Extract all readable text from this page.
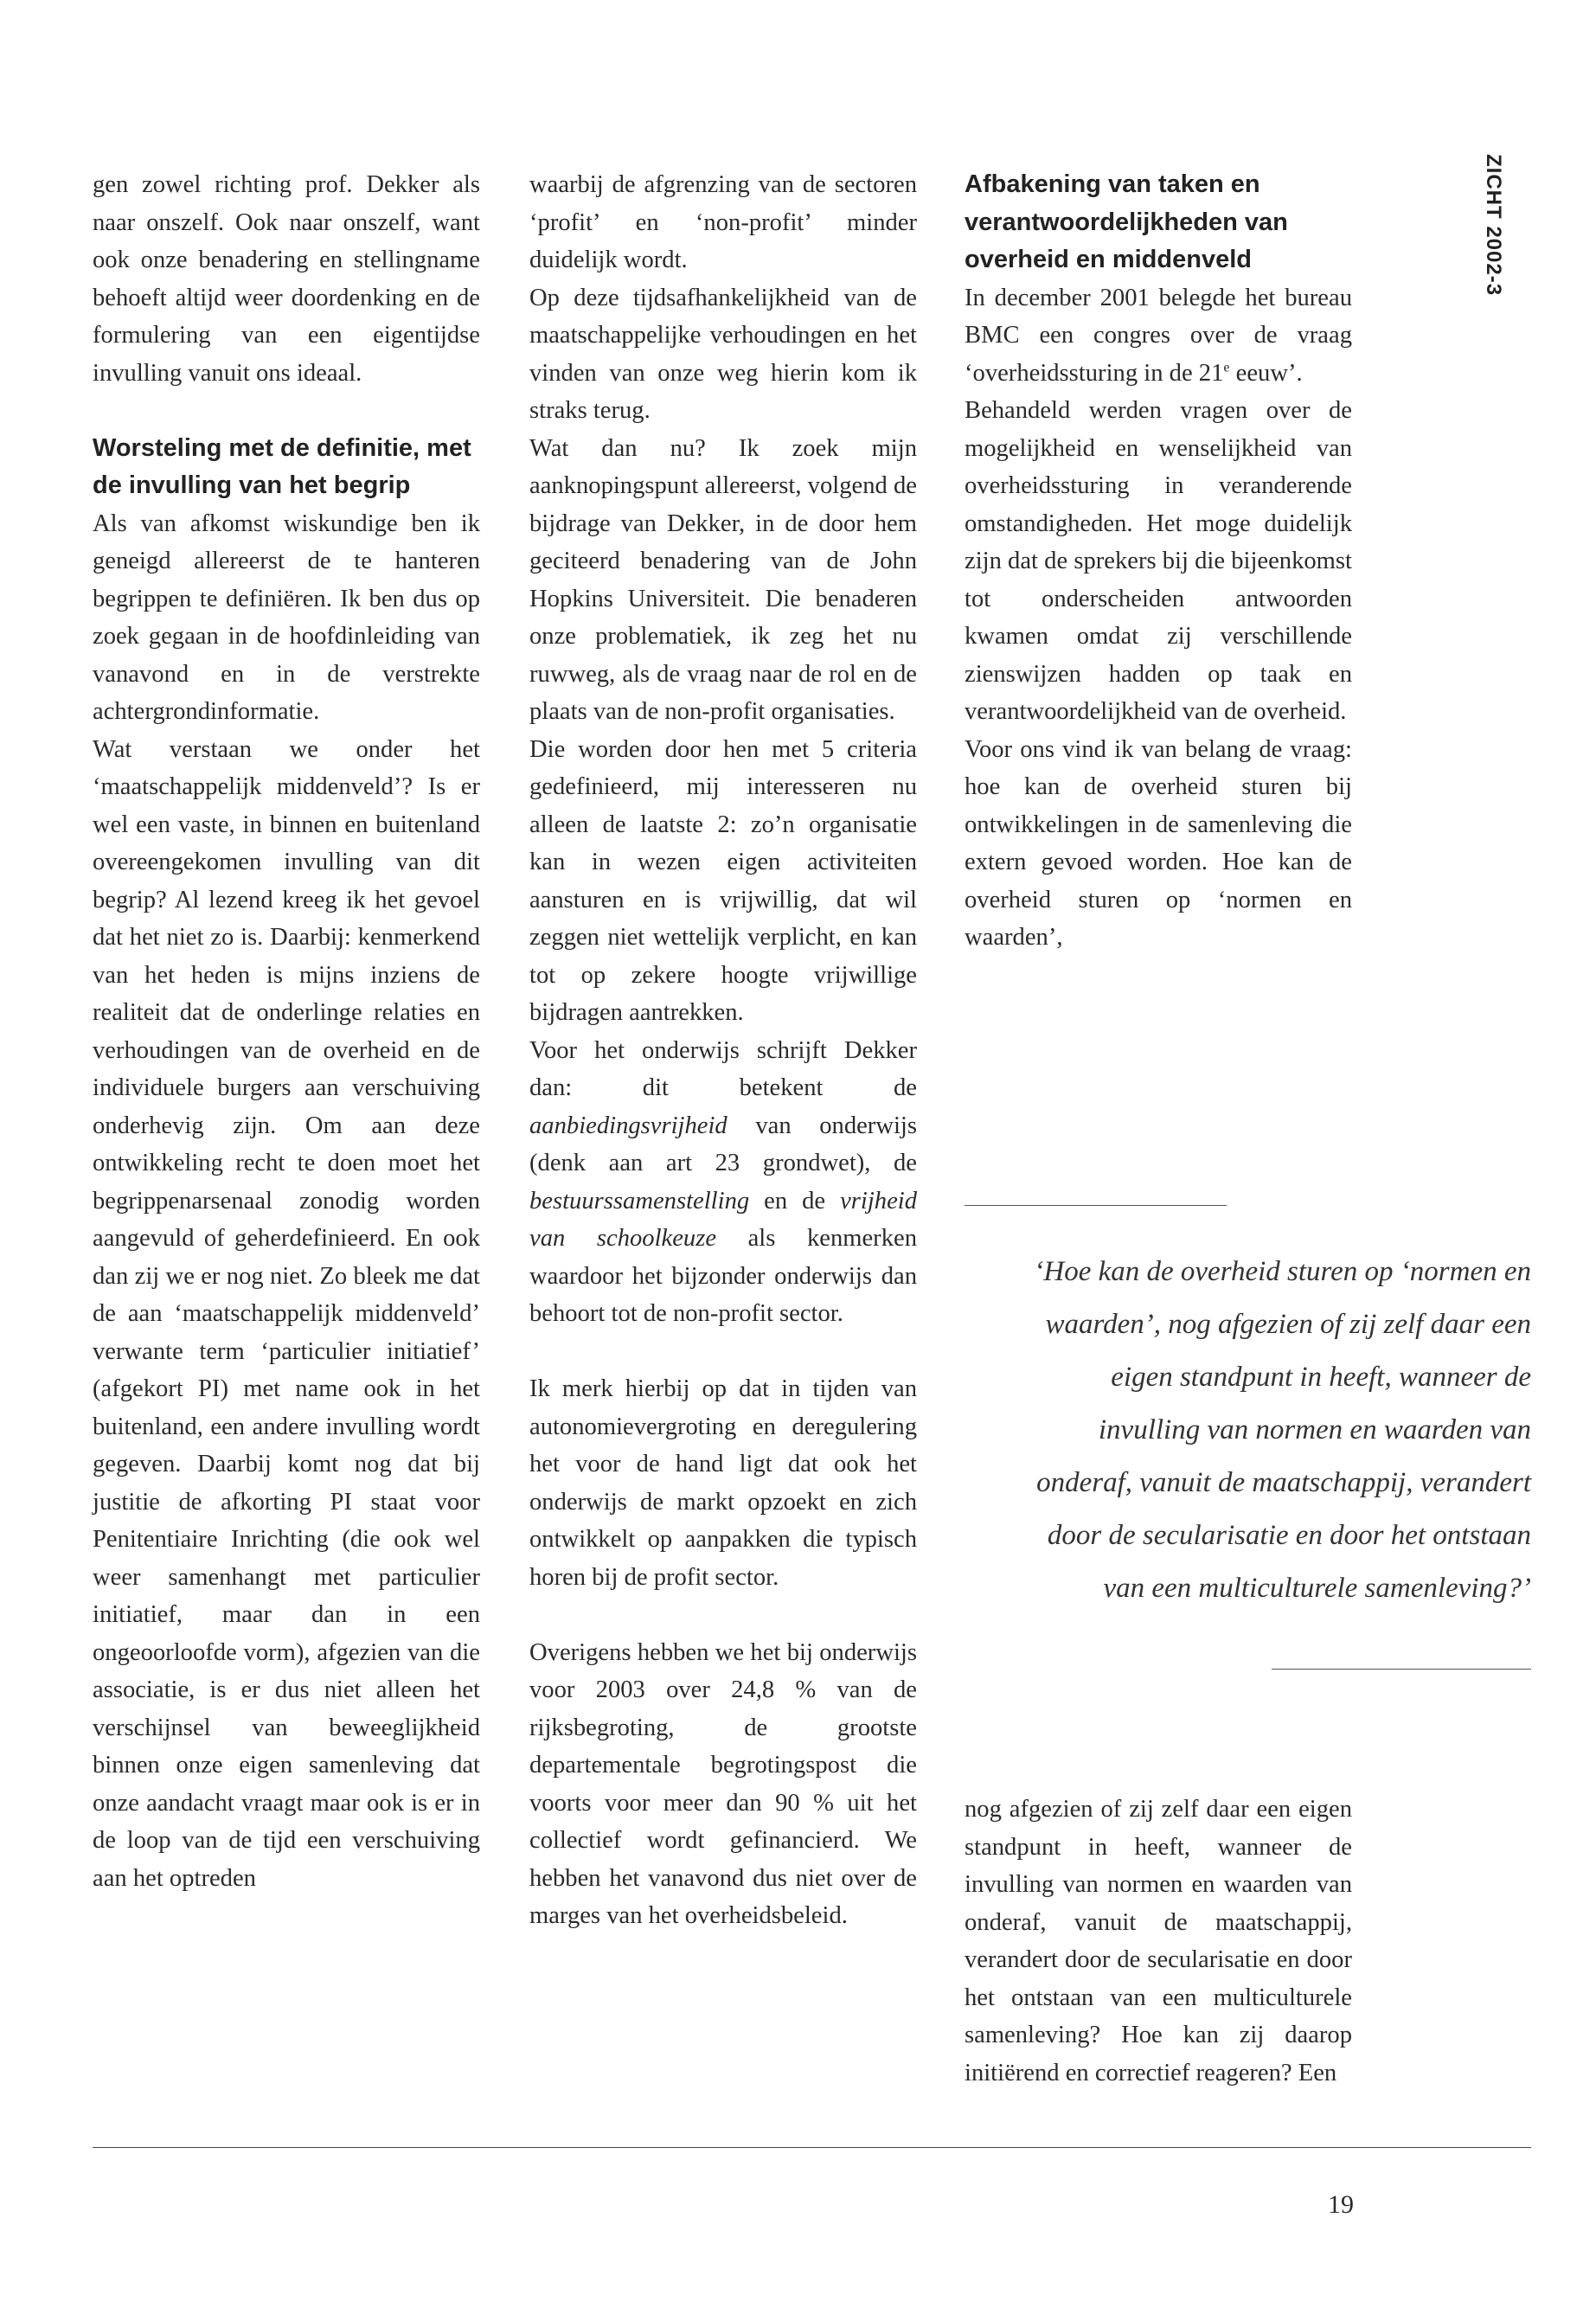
ZICHT 2002-3

gen zowel richting prof. Dekker als naar onszelf. Ook naar onszelf, want ook onze benadering en stellingname behoeft altijd weer doordenking en de formulering van een eigentijdse invulling vanuit ons ideaal.

Worsteling met de definitie, met de invulling van het begrip

Als van afkomst wiskundige ben ik geneigd allereerst de te hanteren begrippen te definiëren. Ik ben dus op zoek gegaan in de hoofdinleiding van vanavond en in de verstrekte achtergrondinformatie.

Wat verstaan we onder het ‘maatschappelijk middenveld’? Is er wel een vaste, in binnen en buitenland overeengekomen invulling van dit begrip? Al lezend kreeg ik het gevoel dat het niet zo is. Daarbij: kenmerkend van het heden is mijns inziens de realiteit dat de onderlinge relaties en verhoudingen van de overheid en de individuele burgers aan verschuiving onderhevig zijn. Om aan deze ontwikkeling recht te doen moet het begrippenarsenaal zonodig worden aangevuld of geherdefinieerd. En ook dan zij we er nog niet. Zo bleek me dat de aan ‘maatschappelijk middenveld’ verwante term ‘particulier initiatief’ (afgekort PI) met name ook in het buitenland, een andere invulling wordt gegeven. Daarbij komt nog dat bij justitie de afkorting PI staat voor Penitentiaire Inrichting (die ook wel weer samenhangt met particulier initiatief, maar dan in een ongeoorloofde vorm), afgezien van die associatie, is er dus niet alleen het verschijnsel van beweeglijkheid binnen onze eigen samenleving dat onze aandacht vraagt maar ook is er in de loop van de tijd een verschuiving aan het optreden

waarbij de afgrenzing van de sectoren ‘profit’ en ‘non-profit’ minder duidelijk wordt.

Op deze tijdsafhankelijkheid van de maatschappelijke verhoudingen en het vinden van onze weg hierin kom ik straks terug.

Wat dan nu? Ik zoek mijn aanknopingspunt allereerst, volgend de bijdrage van Dekker, in de door hem geciteerd benadering van de John Hopkins Universiteit. Die benaderen onze problematiek, ik zeg het nu ruwweg, als de vraag naar de rol en de plaats van de non-profit organisaties.

Die worden door hen met 5 criteria gedefinieerd, mij interesseren nu alleen de laatste 2: zo’n organisatie kan in wezen eigen activiteiten aansturen en is vrijwillig, dat wil zeggen niet wettelijk verplicht, en kan tot op zekere hoogte vrijwillige bijdragen aantrekken.

Voor het onderwijs schrijft Dekker dan: dit betekent de aanbiedingsvrijheid van onderwijs (denk aan art 23 grondwet), de bestuurssamenstelling en de vrijheid van schoolkeuze als kenmerken waardoor het bijzonder onderwijs dan behoort tot de non-profit sector.

Ik merk hierbij op dat in tijden van autonomievergroting en deregulering het voor de hand ligt dat ook het onderwijs de markt opzoekt en zich ontwikkelt op aanpakken die typisch horen bij de profit sector.

Overigens hebben we het bij onderwijs voor 2003 over 24,8 % van de rijksbegroting, de grootste departementale begrotingspost die voorts voor meer dan 90 % uit het collectief wordt gefinancierd. We hebben het vanavond dus niet over de marges van het overheidsbeleid.

Afbakening van taken en verantwoordelijkheden van overheid en middenveld

In december 2001 belegde het bureau BMC een congres over de vraag ‘overheidssturing in de 21e eeuw’.

Behandeld werden vragen over de mogelijkheid en wenselijkheid van overheidssturing in veranderende omstandigheden. Het moge duidelijk zijn dat de sprekers bij die bijeenkomst tot onderscheiden antwoorden kwamen omdat zij verschillende zienswijzen hadden op taak en verantwoordelijkheid van de overheid.

Voor ons vind ik van belang de vraag: hoe kan de overheid sturen bij ontwikkelingen in de samenleving die extern gevoed worden. Hoe kan de overheid sturen op ‘normen en waarden’,

‘Hoe kan de overheid sturen op ‘normen en
waarden’, nog afgezien of zij zelf daar een
eigen standpunt in heeft, wanneer de
invulling van normen en waarden van
onderaf, vanuit de maatschappij, verandert
door de secularisatie en door het ontstaan
van een multiculturele samenleving?’

nog afgezien of zij zelf daar een eigen standpunt in heeft, wanneer de invulling van normen en waarden van onderaf, vanuit de maatschappij, verandert door de secularisatie en door het ontstaan van een multiculturele samenleving? Hoe kan zij daarop initiërend en correctief reageren? Een

19
